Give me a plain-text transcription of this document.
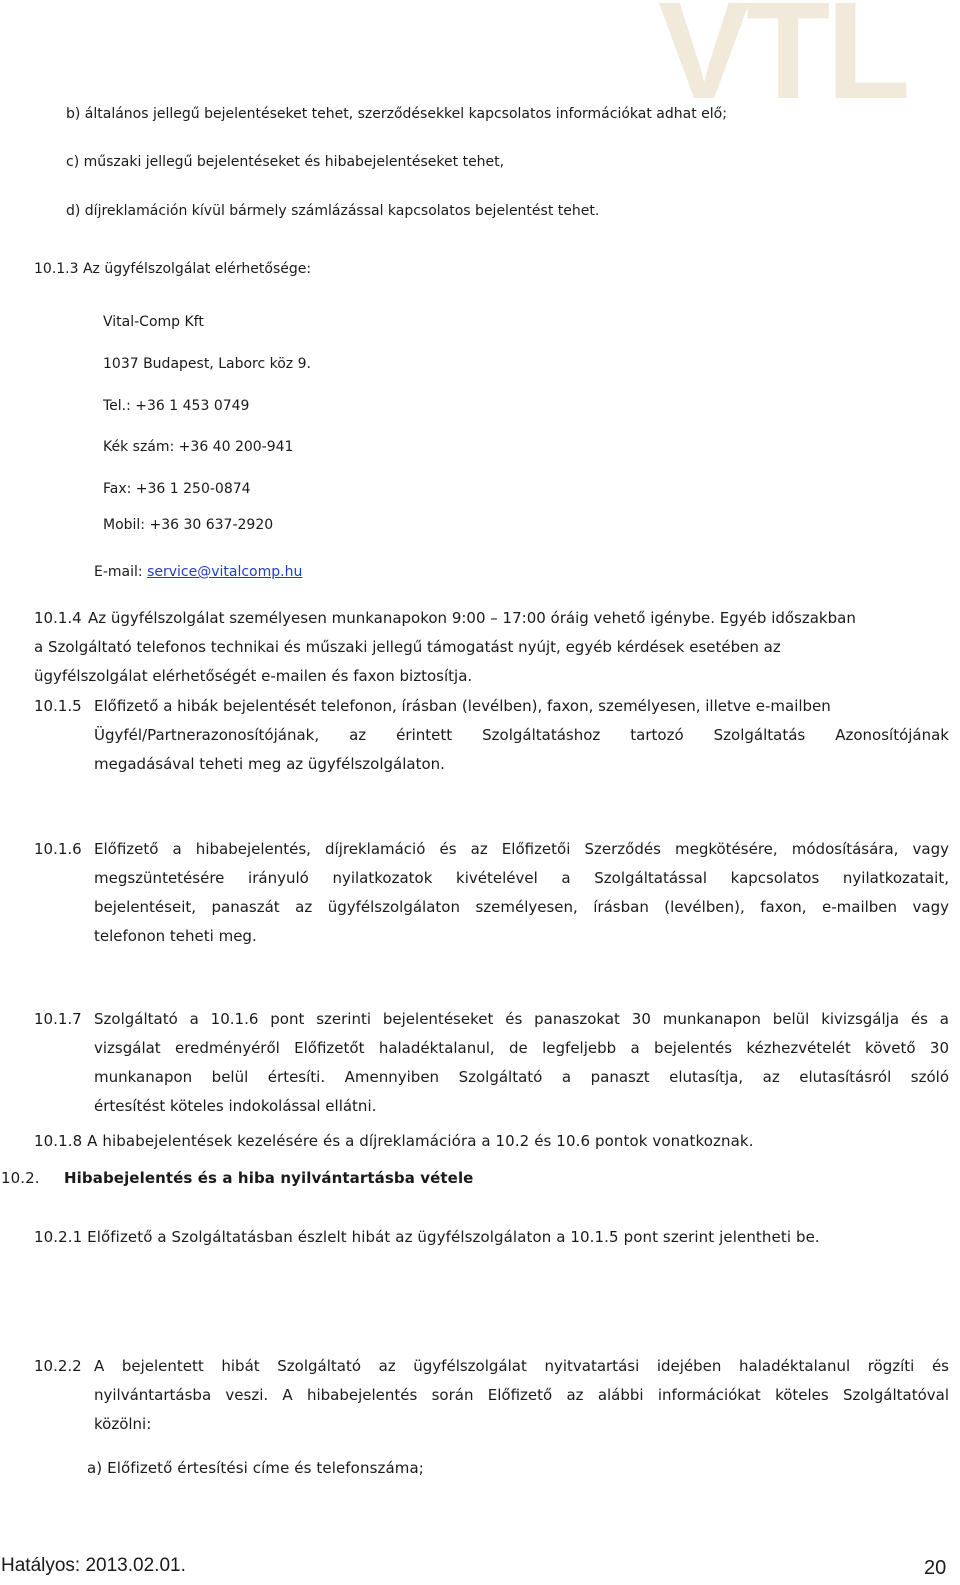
VTL
b) általános jellegű bejelentéseket tehet, szerződésekkel kapcsolatos információkat adhat elő;
c) műszaki jellegű bejelentéseket és hibabejelentéseket tehet,
d) díjreklamáción kívül bármely számlázással kapcsolatos bejelentést tehet.
10.1.3 Az ügyfélszolgálat elérhetősége:
Vital-Comp Kft
1037 Budapest, Laborc köz 9.
Tel.: +36 1 453 0749
Kék szám: +36 40 200-941
Fax: +36 1 250-0874
Mobil: +36 30 637-2920
E-mail: service@vitalcomp.hu
10.1.4 Az ügyfélszolgálat személyesen munkanapokon 9:00 – 17:00 óráig vehető igénybe. Egyéb időszakban
a Szolgáltató telefonos technikai és műszaki jellegű támogatást nyújt, egyéb kérdések esetében az
ügyfélszolgálat elérhetőségét e-mailen és faxon biztosítja.
10.1.5 Előfizető a hibák bejelentését telefonon, írásban (levélben), faxon, személyesen, illetve e-mailben
Ügyfél/Partnerazonosítójának, az érintett Szolgáltatáshoz tartozó Szolgáltatás Azonosítójának
megadásával teheti meg az ügyfélszolgálaton.
10.1.6 Előfizető a hibabejelentés, díjreklamáció és az Előfizetői Szerződés megkötésére, módosítására, vagy
megszüntetésére irányuló nyilatkozatok kivételével a Szolgáltatással kapcsolatos nyilatkozatait,
bejelentéseit, panaszát az ügyfélszolgálaton személyesen, írásban (levélben), faxon, e-mailben vagy
telefonon teheti meg.
10.1.7 Szolgáltató a 10.1.6 pont szerinti bejelentéseket és panaszokat 30 munkanapon belül kivizsgálja és a
vizsgálat eredményéről Előfizetőt haladéktalanul, de legfeljebb a bejelentés kézhezvételét követő 30
munkanapon belül értesíti. Amennyiben Szolgáltató a panaszt elutasítja, az elutasításról szóló
értesítést köteles indokolással ellátni.
10.1.8 A hibabejelentések kezelésére és a díjreklamációra a 10.2 és 10.6 pontok vonatkoznak.
10.2. Hibabejelentés és a hiba nyilvántartásba vétele
10.2.1 Előfizető a Szolgáltatásban észlelt hibát az ügyfélszolgálaton a 10.1.5 pont szerint jelentheti be.
10.2.2 A bejelentett hibát Szolgáltató az ügyfélszolgálat nyitvatartási idejében haladéktalanul rögzíti és
nyilvántartásba veszi. A hibabejelentés során Előfizető az alábbi információkat köteles Szolgáltatóval
közölni:
a) Előfizető értesítési címe és telefonszáma;
Hatályos: 2013.02.01.	20
